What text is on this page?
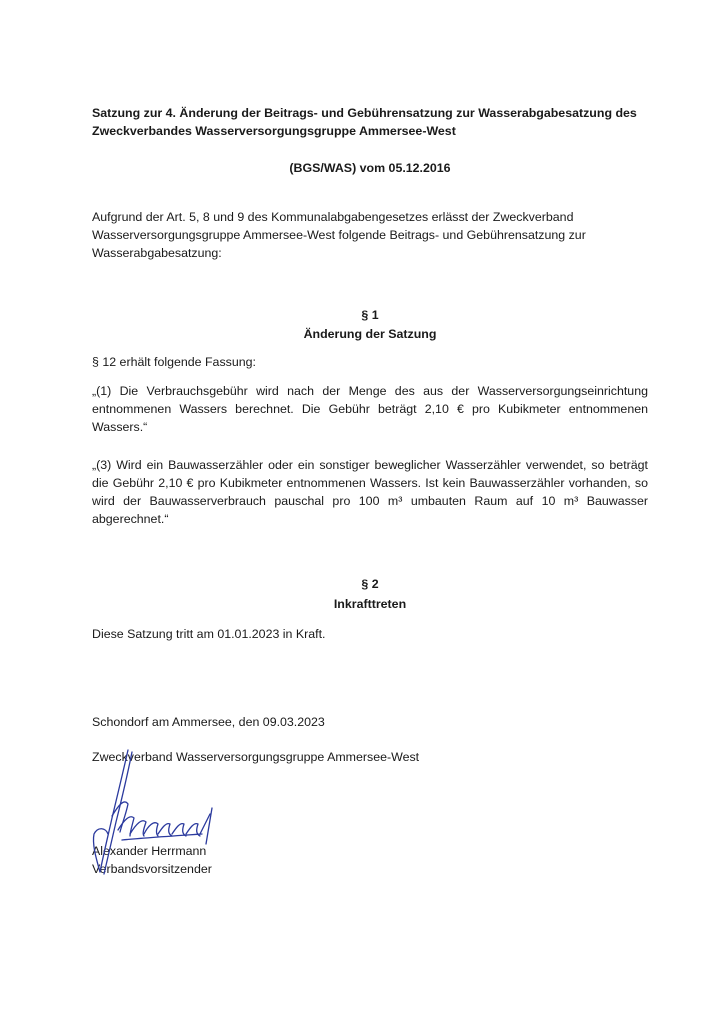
Satzung zur 4. Änderung der Beitrags- und Gebührensatzung zur Wasserabgabesatzung des
Zweckverbandes Wasserversorgungsgruppe Ammersee-West
(BGS/WAS) vom 05.12.2016
Aufgrund der Art. 5, 8 und 9 des Kommunalabgabengesetzes erlässt der Zweckverband
Wasserversorgungsgruppe Ammersee-West folgende Beitrags- und Gebührensatzung zur
Wasserabgabesatzung:
§ 1
Änderung der Satzung
§ 12 erhält folgende Fassung:
„(1) Die Verbrauchsgebühr wird nach der Menge des aus der Wasserversorgungseinrichtung entnommenen Wassers berechnet. Die Gebühr beträgt 2,10 € pro Kubikmeter entnommenen Wassers.“
„(3) Wird ein Bauwasserzähler oder ein sonstiger beweglicher Wasserzähler verwendet, so beträgt die Gebühr 2,10 € pro Kubikmeter entnommenen Wassers. Ist kein Bauwasserzähler vorhanden, so wird der Bauwasserverbrauch pauschal pro 100 m³ umbauten Raum auf 10 m³ Bauwasser abgerechnet.“
§ 2
Inkrafttreten
Diese Satzung tritt am 01.01.2023 in Kraft.
Schondorf am Ammersee, den 09.03.2023
Zweckverband Wasserversorgungsgruppe Ammersee-West
Alexander Herrmann
Verbandsvorsitzender
